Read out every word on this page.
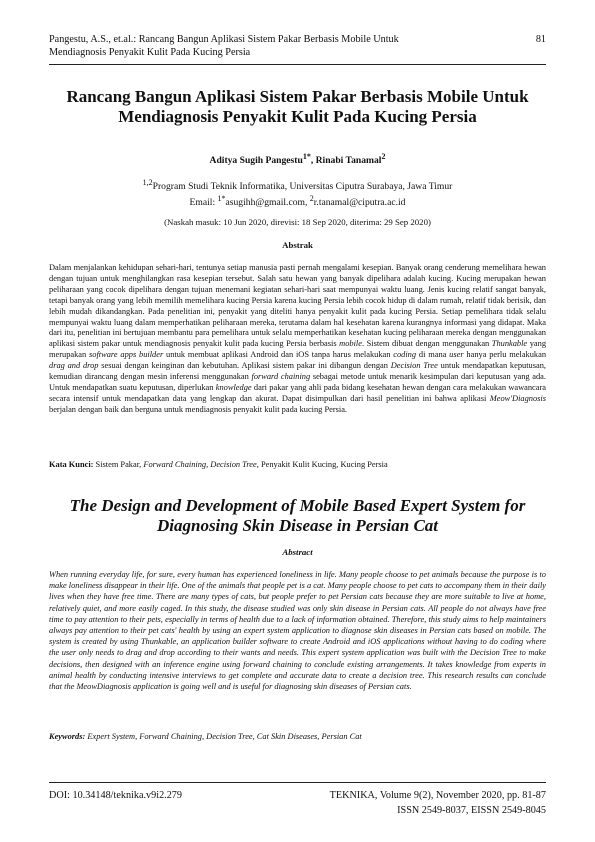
Pangestu, A.S., et.al.: Rancang Bangun Aplikasi Sistem Pakar Berbasis Mobile Untuk
Mendiagnosis Penyakit Kulit Pada Kucing Persia
81
Rancang Bangun Aplikasi Sistem Pakar Berbasis Mobile Untuk
Mendiagnosis Penyakit Kulit Pada Kucing Persia
Aditya Sugih Pangestu$^{1*}$, Rinabi Tanamal$^2$
$^{1,2}$Program Studi Teknik Informatika, Universitas Ciputra Surabaya, Jawa Timur
Email: $^{1*}$asugihh@gmail.com, $^2$r.tanamal@ciputra.ac.id
(Naskah masuk: 10 Jun 2020, direvisi: 18 Sep 2020, diterima: 29 Sep 2020)
Abstrak
Dalam menjalankan kehidupan sehari-hari, tentunya setiap manusia pasti pernah mengalami kesepian. Banyak orang cenderung memelihara hewan dengan tujuan untuk menghilangkan rasa kesepian tersebut. Salah satu hewan yang banyak dipelihara adalah kucing. Kucing merupakan hewan peliharaan yang cocok dipelihara dengan tujuan menemani kegiatan sehari-hari saat mempunyai waktu luang. Jenis kucing relatif sangat banyak, tetapi banyak orang yang lebih memilih memelihara kucing Persia karena kucing Persia lebih cocok hidup di dalam rumah, relatif tidak berisik, dan lebih mudah dikandangkan. Pada penelitian ini, penyakit yang diteliti hanya penyakit kulit pada kucing Persia. Setiap pemelihara tidak selalu mempunyai waktu luang dalam memperhatikan peliharaan mereka, terutama dalam hal kesehatan karena kurangnya informasi yang didapat. Maka dari itu, penelitian ini bertujuan membantu para pemelihara untuk selalu memperhatikan kesehatan kucing peliharaan mereka dengan menggunakan aplikasi sistem pakar untuk mendiagnosis penyakit kulit pada kucing Persia berbasis mobile. Sistem dibuat dengan menggunakan Thunkable yang merupakan software apps builder untuk membuat aplikasi Android dan iOS tanpa harus melakukan coding di mana user hanya perlu melakukan drag and drop sesuai dengan keinginan dan kebutuhan. Aplikasi sistem pakar ini dibangun dengan Decision Tree untuk mendapatkan keputusan, kemudian dirancang dengan mesin inferensi menggunakan forward chaining sebagai metode untuk menarik kesimpulan dari keputusan yang ada. Untuk mendapatkan suatu keputusan, diperlukan knowledge dari pakar yang ahli pada bidang kesehatan hewan dengan cara melakukan wawancara secara intensif untuk mendapatkan data yang lengkap dan akurat. Dapat disimpulkan dari hasil penelitian ini bahwa aplikasi Meow'Diagnosis berjalan dengan baik dan berguna untuk mendiagnosis penyakit kulit pada kucing Persia.
Kata Kunci: Sistem Pakar, Forward Chaining, Decision Tree, Penyakit Kulit Kucing, Kucing Persia
The Design and Development of Mobile Based Expert System for
Diagnosing Skin Disease in Persian Cat
Abstract
When running everyday life, for sure, every human has experienced loneliness in life. Many people choose to pet animals because the purpose is to make loneliness disappear in their life. One of the animals that people pet is a cat. Many people choose to pet cats to accompany them in their daily lives when they have free time. There are many types of cats, but people prefer to pet Persian cats because they are more suitable to live at home, relatively quiet, and more easily caged. In this study, the disease studied was only skin disease in Persian cats. All people do not always have free time to pay attention to their pets, especially in terms of health due to a lack of information obtained. Therefore, this study aims to help maintainers always pay attention to their pet cats' health by using an expert system application to diagnose skin diseases in Persian cats based on mobile. The system is created by using Thunkable, an application builder software to create Android and iOS applications without having to do coding where the user only needs to drag and drop according to their wants and needs. This expert system application was built with the Decision Tree to make decisions, then designed with an inference engine using forward chaining to conclude existing arrangements. It takes knowledge from experts in animal health by conducting intensive interviews to get complete and accurate data to create a decision tree. This research results can conclude that the MeowDiagnosis application is going well and is useful for diagnosing skin diseases of Persian cats.
Keywords: Expert System, Forward Chaining, Decision Tree, Cat Skin Diseases, Persian Cat
DOI: 10.34148/teknika.v9i2.279	TEKNIKA, Volume 9(2), November 2020, pp. 81-87
ISSN 2549-8037, EISSN 2549-8045
